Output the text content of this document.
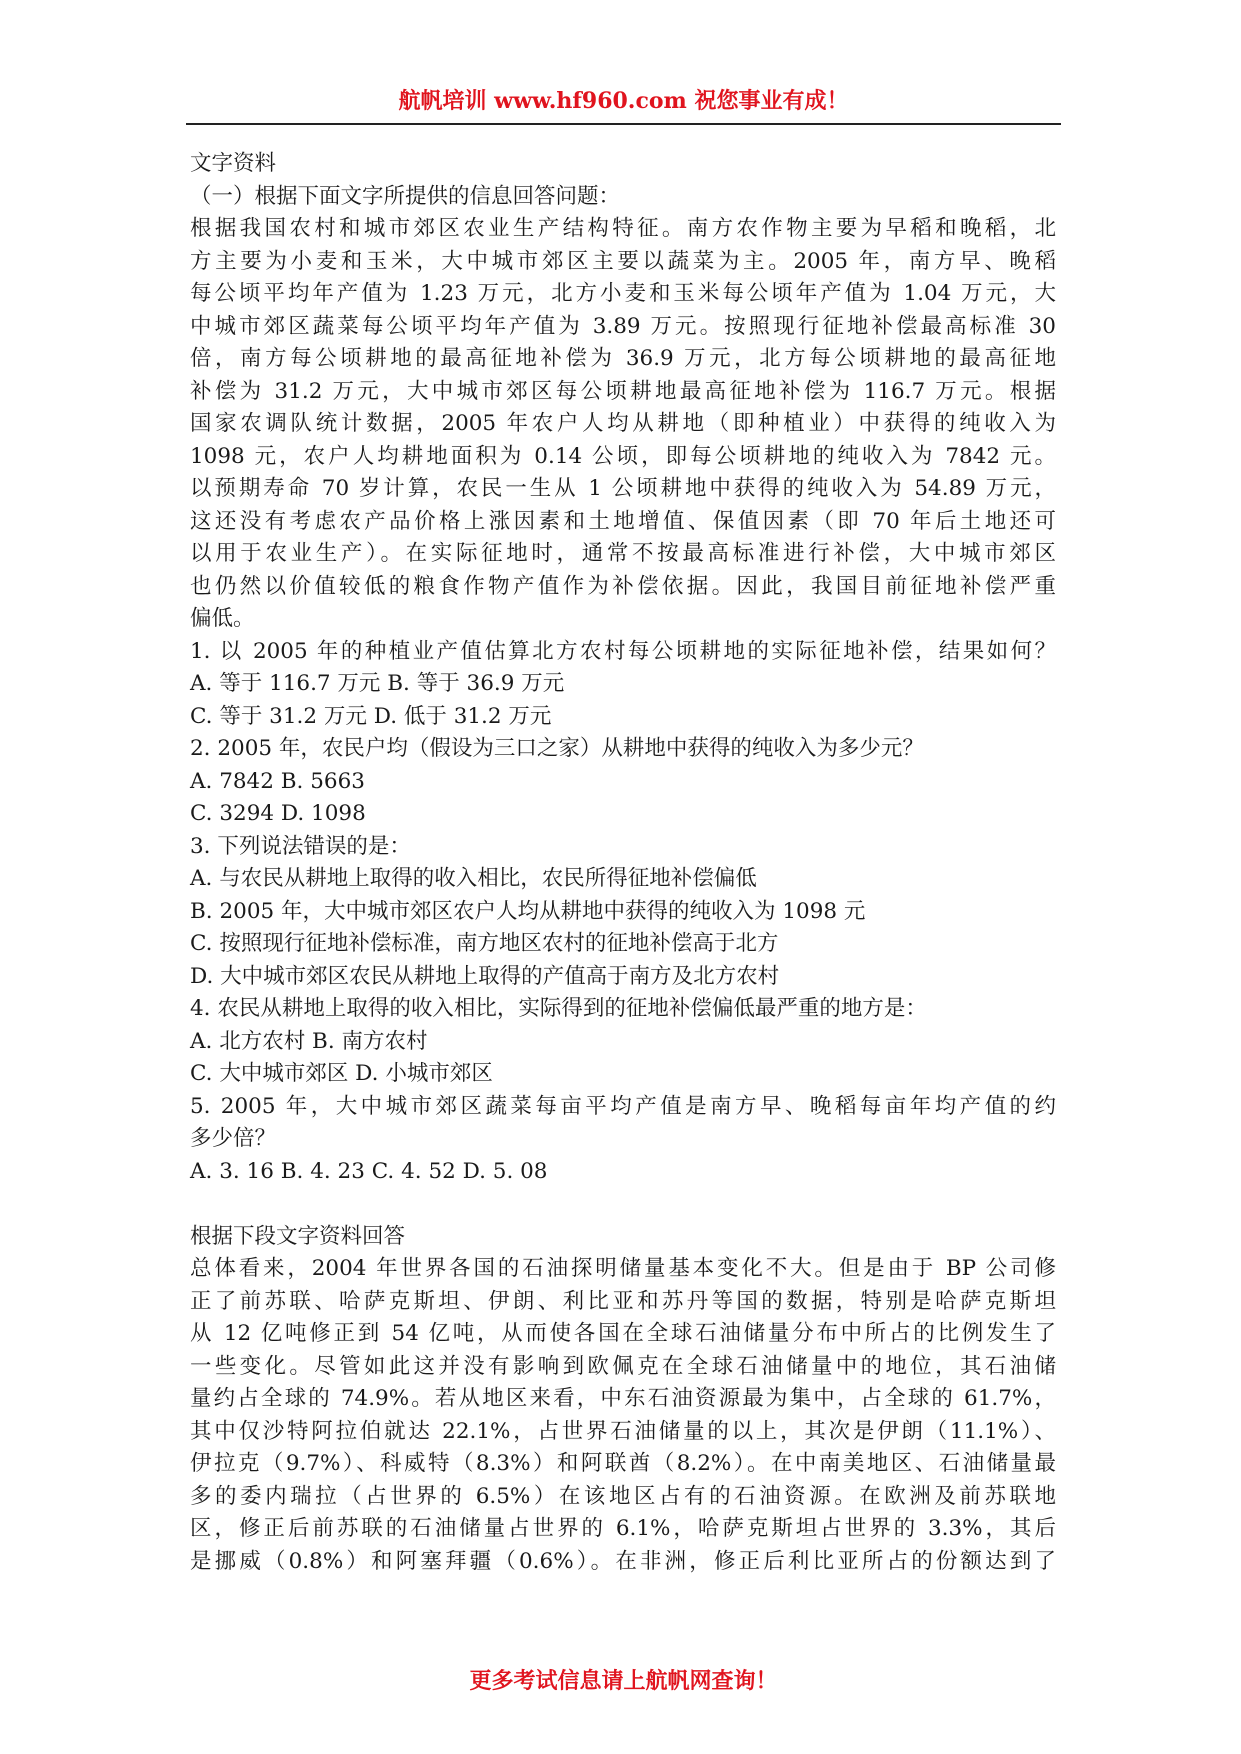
航帆培训 www.hf960.com 祝您事业有成！
文字资料
（一）根据下面文字所提供的信息回答问题：
根据我国农村和城市郊区农业生产结构特征。南方农作物主要为早稻和晚稻，北
方主要为小麦和玉米，大中城市郊区主要以蔬菜为主。2005 年，南方早、晚稻
每公顷平均年产值为 1.23 万元，北方小麦和玉米每公顷年产值为 1.04 万元，大
中城市郊区蔬菜每公顷平均年产值为 3.89 万元。按照现行征地补偿最高标准 30
倍，南方每公顷耕地的最高征地补偿为 36.9 万元，北方每公顷耕地的最高征地
补偿为 31.2 万元，大中城市郊区每公顷耕地最高征地补偿为 116.7 万元。根据
国家农调队统计数据，2005 年农户人均从耕地（即种植业）中获得的纯收入为
1098 元，农户人均耕地面积为 0.14 公顷，即每公顷耕地的纯收入为 7842 元。
以预期寿命 70 岁计算，农民一生从 1 公顷耕地中获得的纯收入为 54.89 万元，
这还没有考虑农产品价格上涨因素和土地增值、保值因素（即 70 年后土地还可
以用于农业生产）。在实际征地时，通常不按最高标准进行补偿，大中城市郊区
也仍然以价值较低的粮食作物产值作为补偿依据。因此，我国目前征地补偿严重
偏低。
1. 以 2005 年的种植业产值估算北方农村每公顷耕地的实际征地补偿，结果如何？
A. 等于 116.7 万元 B. 等于 36.9 万元
C. 等于 31.2 万元 D. 低于 31.2 万元
2. 2005 年，农民户均（假设为三口之家）从耕地中获得的纯收入为多少元？
A. 7842 B. 5663
C. 3294 D. 1098
3. 下列说法错误的是：
A. 与农民从耕地上取得的收入相比，农民所得征地补偿偏低
B. 2005 年，大中城市郊区农户人均从耕地中获得的纯收入为 1098 元
C. 按照现行征地补偿标准，南方地区农村的征地补偿高于北方
D. 大中城市郊区农民从耕地上取得的产值高于南方及北方农村
4. 农民从耕地上取得的收入相比，实际得到的征地补偿偏低最严重的地方是：
A. 北方农村 B. 南方农村
C. 大中城市郊区 D. 小城市郊区
5. 2005 年，大中城市郊区蔬菜每亩平均产值是南方早、晚稻每亩年均产值的约
多少倍？
A. 3. 16 B. 4. 23 C. 4. 52 D. 5. 08
根据下段文字资料回答
总体看来，2004 年世界各国的石油探明储量基本变化不大。但是由于 BP 公司修
正了前苏联、哈萨克斯坦、伊朗、利比亚和苏丹等国的数据，特别是哈萨克斯坦
从 12 亿吨修正到 54 亿吨，从而使各国在全球石油储量分布中所占的比例发生了
一些变化。尽管如此这并没有影响到欧佩克在全球石油储量中的地位，其石油储
量约占全球的 74.9%。若从地区来看，中东石油资源最为集中，占全球的 61.7%，
其中仅沙特阿拉伯就达 22.1%，占世界石油储量的以上，其次是伊朗（11.1%）、
伊拉克（9.7%）、科威特（8.3%）和阿联酋（8.2%）。在中南美地区、石油储量最
多的委内瑞拉（占世界的 6.5%）在该地区占有的石油资源。在欧洲及前苏联地
区，修正后前苏联的石油储量占世界的 6.1%，哈萨克斯坦占世界的 3.3%，其后
是挪威（0.8%）和阿塞拜疆（0.6%）。在非洲，修正后利比亚所占的份额达到了
更多考试信息请上航帆网查询！
